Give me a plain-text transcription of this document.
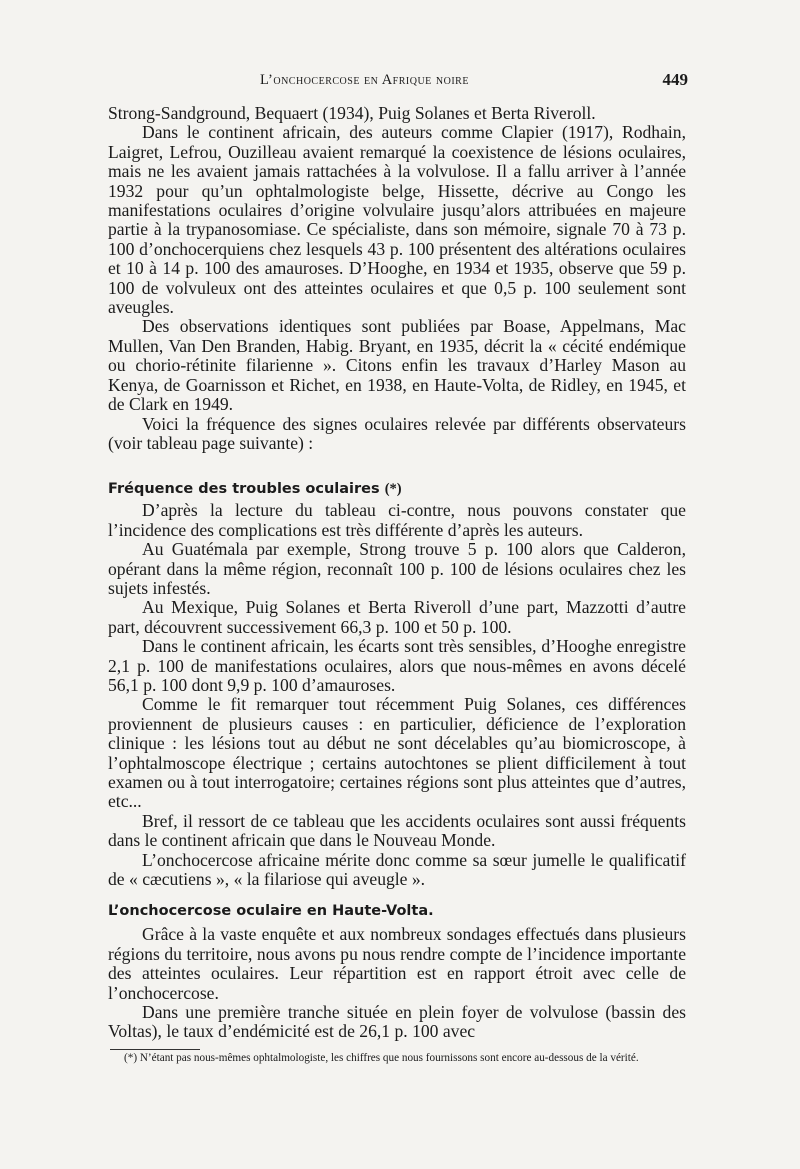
L’onchocercose en Afrique noire	449

Strong-Sandground, Bequaert (1934), Puig Solanes et Berta Riveroll.

Dans le continent africain, des auteurs comme Clapier (1917), Rodhain, Laigret, Lefrou, Ouzilleau avaient remarqué la coexistence de lésions oculaires, mais ne les avaient jamais rattachées à la volvulose. Il a fallu arriver à l’année 1932 pour qu’un ophtalmologiste belge, Hissette, décrive au Congo les manifestations oculaires d’origine volvulaire jusqu’alors attribuées en majeure partie à la trypanosomiase. Ce spécialiste, dans son mémoire, signale 70 à 73 p. 100 d’onchocerquiens chez lesquels 43 p. 100 présentent des altérations oculaires et 10 à 14 p. 100 des amauroses. D’Hooghe, en 1934 et 1935, observe que 59 p. 100 de volvuleux ont des atteintes oculaires et que 0,5 p. 100 seulement sont aveugles.

Des observations identiques sont publiées par Boase, Appelmans, Mac Mullen, Van Den Branden, Habig. Bryant, en 1935, décrit la « cécité endémique ou chorio-rétinite filarienne ». Citons enfin les travaux d’Harley Mason au Kenya, de Goarnisson et Richet, en 1938, en Haute-Volta, de Ridley, en 1945, et de Clark en 1949.

Voici la fréquence des signes oculaires relevée par différents observateurs (voir tableau page suivante) :

Fréquence des troubles oculaires (*)

D’après la lecture du tableau ci-contre, nous pouvons constater que l’incidence des complications est très différente d’après les auteurs.

Au Guatémala par exemple, Strong trouve 5 p. 100 alors que Calderon, opérant dans la même région, reconnaît 100 p. 100 de lésions oculaires chez les sujets infestés.

Au Mexique, Puig Solanes et Berta Riveroll d’une part, Mazzotti d’autre part, découvrent successivement 66,3 p. 100 et 50 p. 100.

Dans le continent africain, les écarts sont très sensibles, d’Hooghe enregistre 2,1 p. 100 de manifestations oculaires, alors que nous-mêmes en avons décelé 56,1 p. 100 dont 9,9 p. 100 d’amauroses.

Comme le fit remarquer tout récemment Puig Solanes, ces différences proviennent de plusieurs causes : en particulier, déficience de l’exploration clinique : les lésions tout au début ne sont décelables qu’au biomicroscope, à l’ophtalmoscope électrique ; certains autochtones se plient difficilement à tout examen ou à tout interrogatoire; certaines régions sont plus atteintes que d’autres, etc...

Bref, il ressort de ce tableau que les accidents oculaires sont aussi fréquents dans le continent africain que dans le Nouveau Monde.

L’onchocercose africaine mérite donc comme sa sœur jumelle le qualificatif de « cæcutiens », « la filariose qui aveugle ».

L’onchocercose oculaire en Haute-Volta.

Grâce à la vaste enquête et aux nombreux sondages effectués dans plusieurs régions du territoire, nous avons pu nous rendre compte de l’incidence importante des atteintes oculaires. Leur répartition est en rapport étroit avec celle de l’onchocercose.

Dans une première tranche située en plein foyer de volvulose (bassin des Voltas), le taux d’endémicité est de 26,1 p. 100 avec

(*) N’étant pas nous-mêmes ophtalmologiste, les chiffres que nous fournissons sont encore au-dessous de la vérité.
